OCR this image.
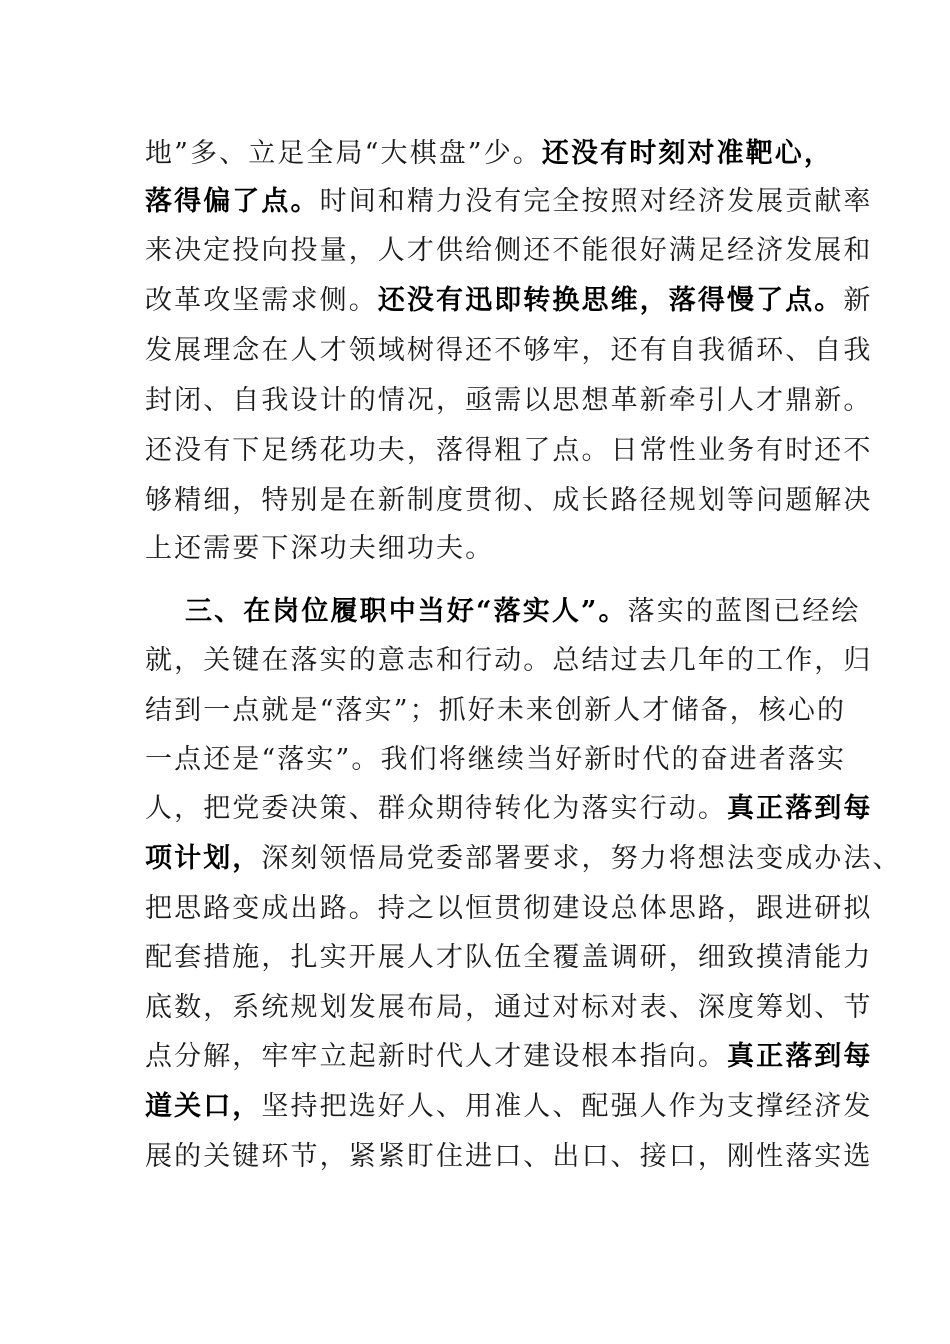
地”多、立足全局“大棋盘”少。还没有时刻对准靶心，
落得偏了点。时间和精力没有完全按照对经济发展贡献率
来决定投向投量，人才供给侧还不能很好满足经济发展和
改革攻坚需求侧。还没有迅即转换思维，落得慢了点。新
发展理念在人才领域树得还不够牢，还有自我循环、自我
封闭、自我设计的情况，亟需以思想革新牵引人才鼎新。
还没有下足绣花功夫，落得粗了点。日常性业务有时还不
够精细，特别是在新制度贯彻、成长路径规划等问题解决
上还需要下深功夫细功夫。
三、在岗位履职中当好“落实人”。落实的蓝图已经绘
就，关键在落实的意志和行动。总结过去几年的工作，归
结到一点就是“落实”；抓好未来创新人才储备，核心的
一点还是“落实”。我们将继续当好新时代的奋进者落实
人，把党委决策、群众期待转化为落实行动。真正落到每
项计划，深刻领悟局党委部署要求，努力将想法变成办法、
把思路变成出路。持之以恒贯彻建设总体思路，跟进研拟
配套措施，扎实开展人才队伍全覆盖调研，细致摸清能力
底数，系统规划发展布局，通过对标对表、深度筹划、节
点分解，牢牢立起新时代人才建设根本指向。真正落到每
道关口，坚持把选好人、用准人、配强人作为支撑经济发
展的关键环节，紧紧盯住进口、出口、接口，刚性落实选
